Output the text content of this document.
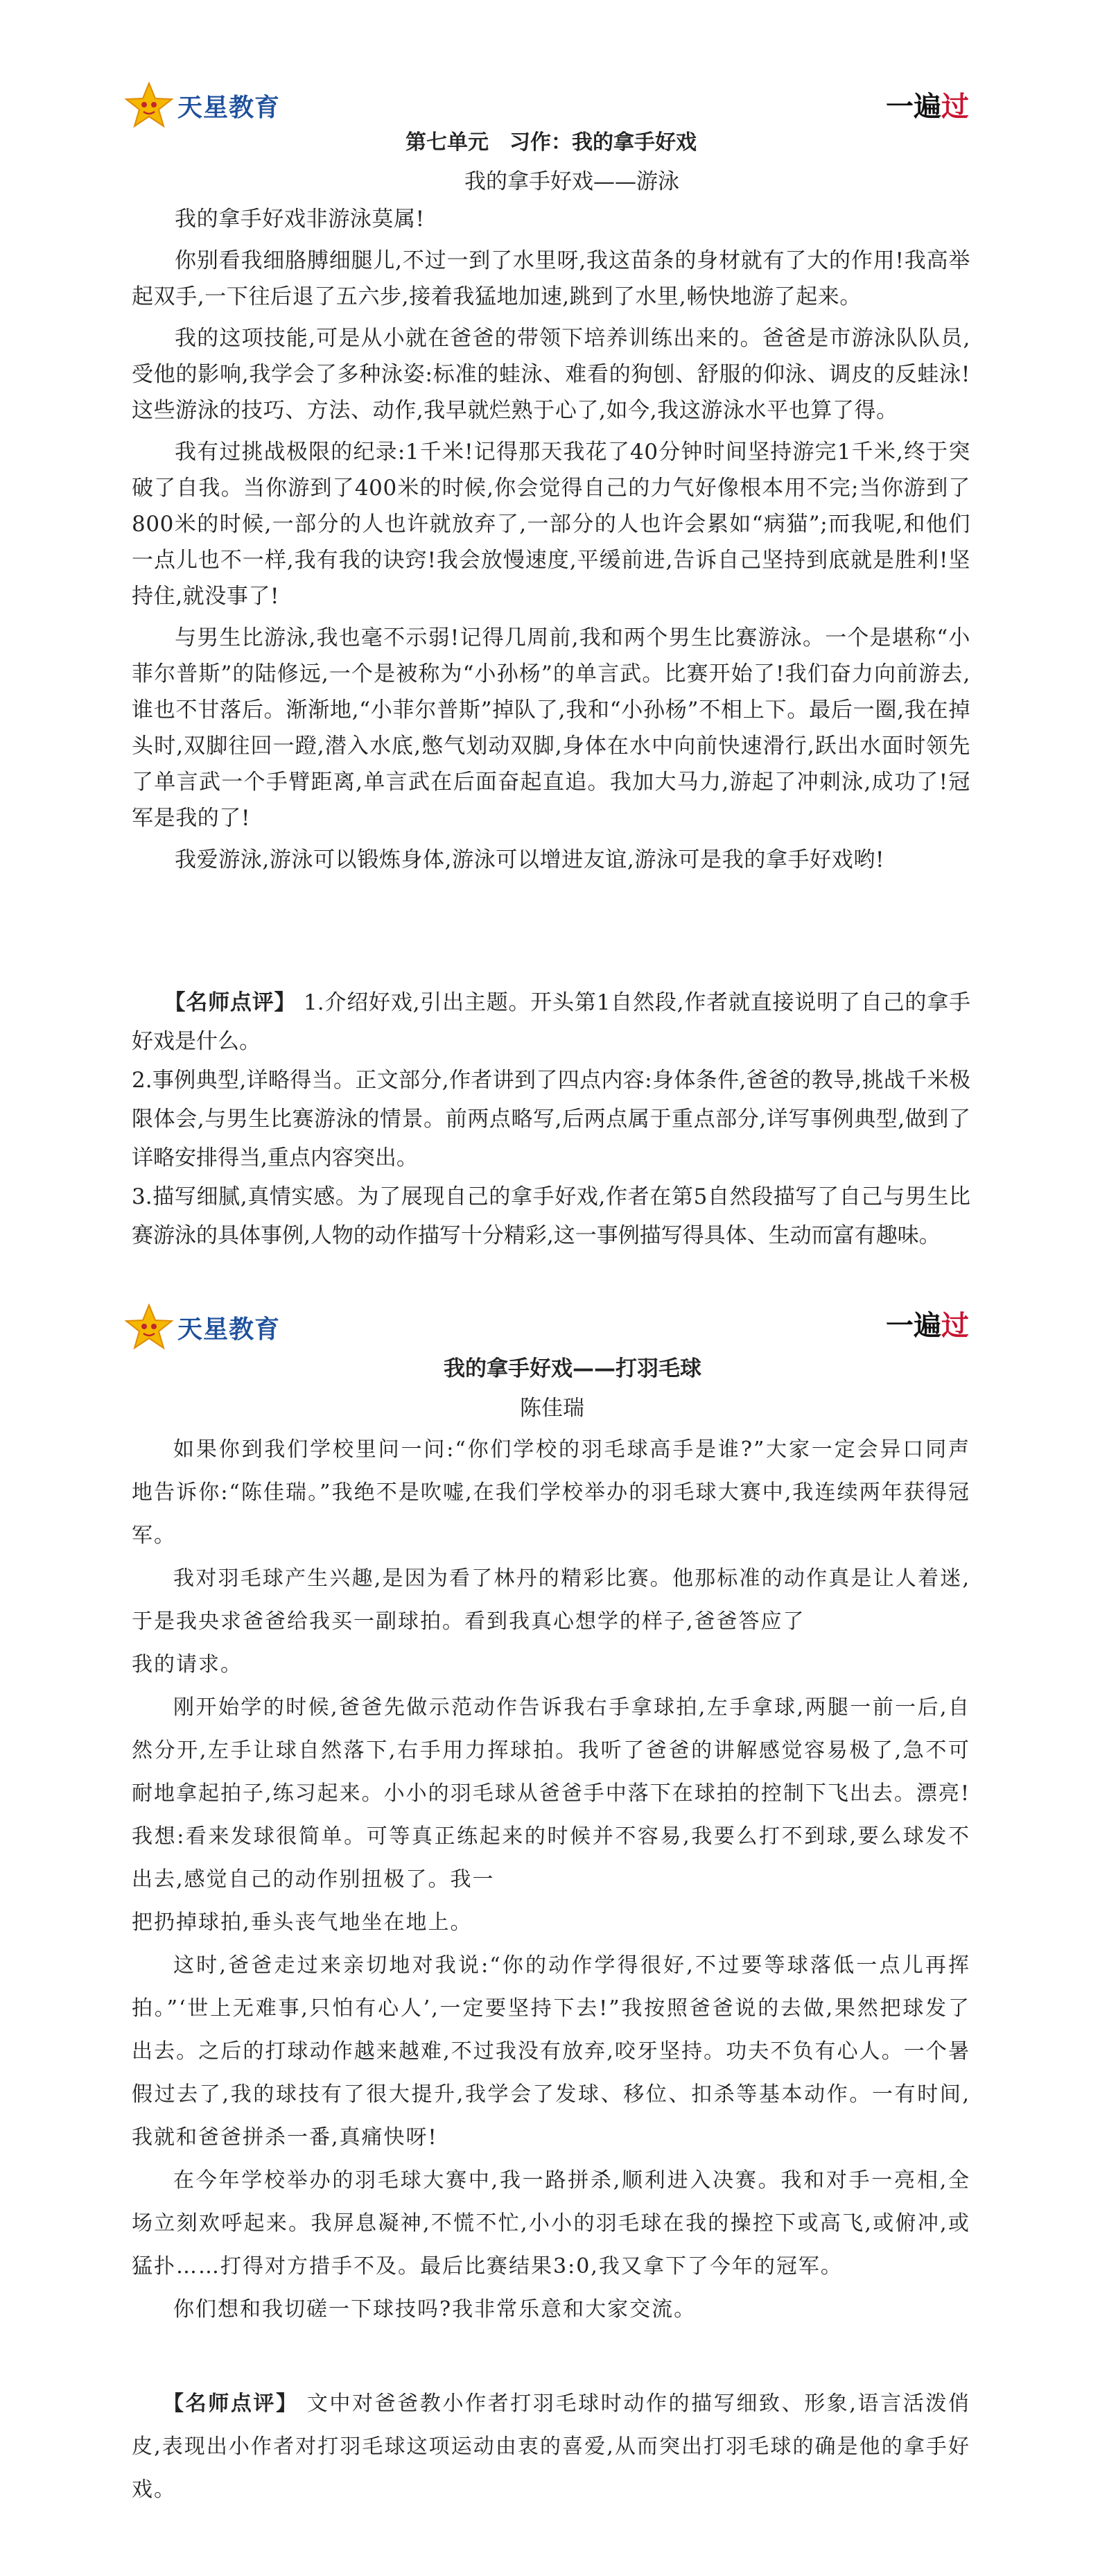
天星教育	一遍过
第七单元　习作：我的拿手好戏
我的拿手好戏——游泳

我的拿手好戏非游泳莫属!

你别看我细胳膊细腿儿,不过一到了水里呀,我这苗条的身材就有了大的作用!我高举起双手,一下往后退了五六步,接着我猛地加速,跳到了水里,畅快地游了起来。

我的这项技能,可是从小就在爸爸的带领下培养训练出来的。爸爸是市游泳队队员,受他的影响,我学会了多种泳姿:标准的蛙泳、难看的狗刨、舒服的仰泳、调皮的反蛙泳!这些游泳的技巧、方法、动作,我早就烂熟于心了,如今,我这游泳水平也算了得。

我有过挑战极限的纪录:1千米!记得那天我花了40分钟时间坚持游完1千米,终于突破了自我。当你游到了400米的时候,你会觉得自己的力气好像根本用不完;当你游到了800米的时候,一部分的人也许就放弃了,一部分的人也许会累如“病猫”;而我呢,和他们一点儿也不一样,我有我的诀窍!我会放慢速度,平缓前进,告诉自己坚持到底就是胜利!坚持住,就没事了!

与男生比游泳,我也毫不示弱!记得几周前,我和两个男生比赛游泳。一个是堪称“小菲尔普斯”的陆修远,一个是被称为“小孙杨”的单言武。比赛开始了!我们奋力向前游去,谁也不甘落后。渐渐地,“小菲尔普斯”掉队了,我和“小孙杨”不相上下。最后一圈,我在掉头时,双脚往回一蹬,潜入水底,憋气划动双脚,身体在水中向前快速滑行,跃出水面时领先了单言武一个手臂距离,单言武在后面奋起直追。我加大马力,游起了冲刺泳,成功了!冠军是我的了!

我爱游泳,游泳可以锻炼身体,游泳可以增进友谊,游泳可是我的拿手好戏哟!

【名师点评】 1.介绍好戏,引出主题。开头第1自然段,作者就直接说明了自己的拿手好戏是什么。

2.事例典型,详略得当。正文部分,作者讲到了四点内容:身体条件,爸爸的教导,挑战千米极限体会,与男生比赛游泳的情景。前两点略写,后两点属于重点部分,详写事例典型,做到了详略安排得当,重点内容突出。

3.描写细腻,真情实感。为了展现自己的拿手好戏,作者在第5自然段描写了自己与男生比赛游泳的具体事例,人物的动作描写十分精彩,这一事例描写得具体、生动而富有趣味。

天星教育	一遍过
我的拿手好戏——打羽毛球
陈佳瑞

如果你到我们学校里问一问:“你们学校的羽毛球高手是谁?”大家一定会异口同声地告诉你:“陈佳瑞。”我绝不是吹嘘,在我们学校举办的羽毛球大赛中,我连续两年获得冠军。

我对羽毛球产生兴趣,是因为看了林丹的精彩比赛。他那标准的动作真是让人着迷,于是我央求爸爸给我买一副球拍。看到我真心想学的样子,爸爸答应了

我的请求。

刚开始学的时候,爸爸先做示范动作告诉我右手拿球拍,左手拿球,两腿一前一后,自然分开,左手让球自然落下,右手用力挥球拍。我听了爸爸的讲解感觉容易极了,急不可耐地拿起拍子,练习起来。小小的羽毛球从爸爸手中落下在球拍的控制下飞出去。漂亮!我想:看来发球很简单。可等真正练起来的时候并不容易,我要么打不到球,要么球发不出去,感觉自己的动作别扭极了。我一

把扔掉球拍,垂头丧气地坐在地上。

这时,爸爸走过来亲切地对我说:“你的动作学得很好,不过要等球落低一点儿再挥拍。”‘世上无难事,只怕有心人’,一定要坚持下去!”我按照爸爸说的去做,果然把球发了出去。之后的打球动作越来越难,不过我没有放弃,咬牙坚持。功夫不负有心人。一个暑假过去了,我的球技有了很大提升,我学会了发球、移位、扣杀等基本动作。一有时间,我就和爸爸拼杀一番,真痛快呀!

在今年学校举办的羽毛球大赛中,我一路拼杀,顺利进入决赛。我和对手一亮相,全场立刻欢呼起来。我屏息凝神,不慌不忙,小小的羽毛球在我的操控下或高飞,或俯冲,或猛扑……打得对方措手不及。最后比赛结果3:0,我又拿下了今年的冠军。

你们想和我切磋一下球技吗?我非常乐意和大家交流。

【名师点评】 文中对爸爸教小作者打羽毛球时动作的描写细致、形象,语言活泼俏皮,表现出小作者对打羽毛球这项运动由衷的喜爱,从而突出打羽毛球的确是他的拿手好戏。
